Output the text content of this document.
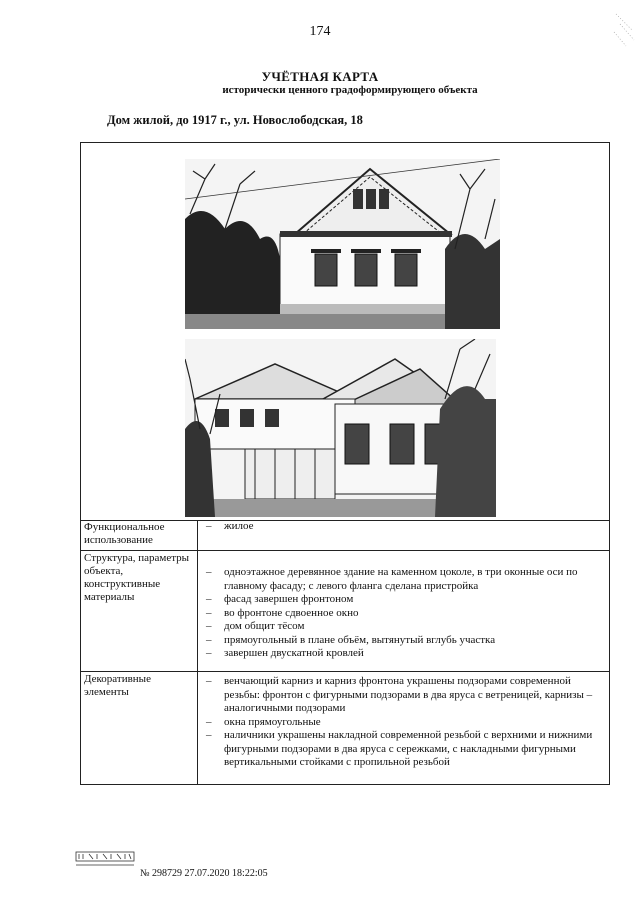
174
УЧЁТНАЯ КАРТА
исторически ценного градоформирующего объекта
Дом жилой, до 1917 г., ул. Новослободская, 18
Функциональное использование
– жилое
Структура, параметры объекта, конструктивные материалы
– одноэтажное деревянное здание на каменном цоколе, в три оконные оси по главному фасаду; с левого фланга сделана пристройка
– фасад завершен фронтоном
– во фронтоне сдвоенное окно
– дом общит тёсом
– прямоугольный в плане объём, вытянутый вглубь участка
– завершен двускатной кровлей
Декоративные элементы
– венчающий карниз и карниз фронтона украшены подзорами современной резьбы: фронтон с фигурными подзорами в два яруса с ветреницей, карнизы – аналогичными подзорами
– окна прямоугольные
– наличники украшены накладной современной резьбой с верхними и нижними фигурными подзорами в два яруса с сережками, с накладными фигурными вертикальными стойками с пропильной резьбой
№ 298729 27.07.2020 18:22:05
